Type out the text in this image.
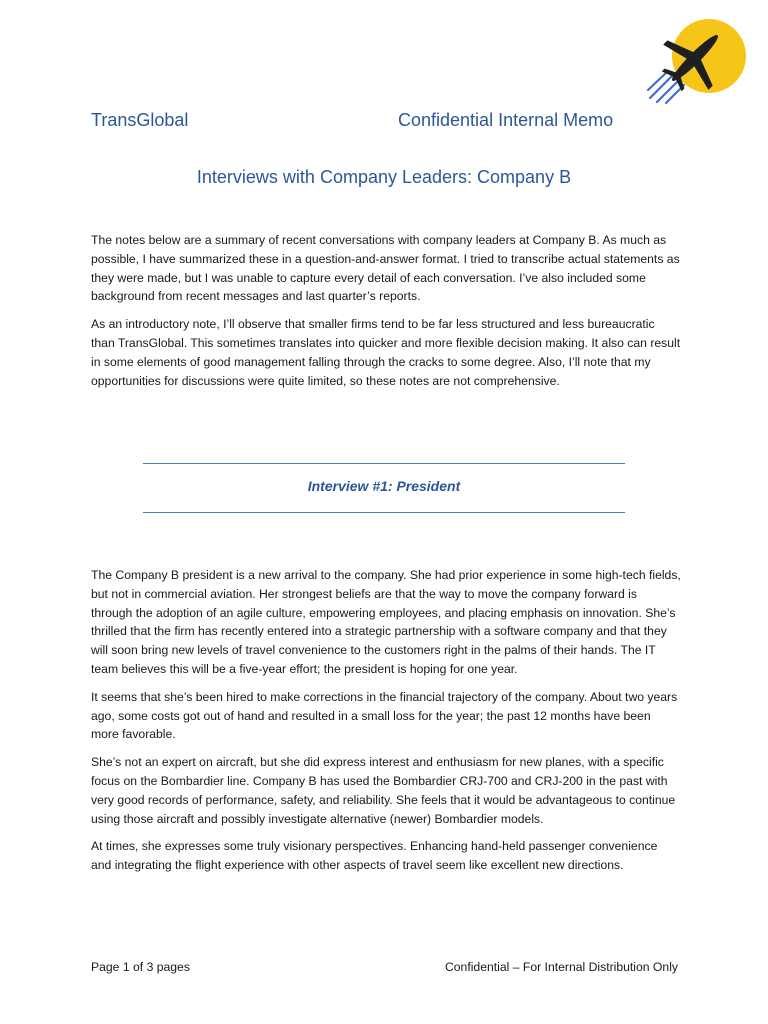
TransGlobal	Confidential Internal Memo
Interviews with Company Leaders: Company B

The notes below are a summary of recent conversations with company leaders at Company B. As much as possible, I have summarized these in a question-and-answer format. I tried to transcribe actual statements as they were made, but I was unable to capture every detail of each conversation. I’ve also included some background from recent messages and last quarter’s reports.

As an introductory note, I’ll observe that smaller firms tend to be far less structured and less bureaucratic than TransGlobal. This sometimes translates into quicker and more flexible decision making. It also can result in some elements of good management falling through the cracks to some degree. Also, I’ll note that my opportunities for discussions were quite limited, so these notes are not comprehensive.

Interview #1: President

The Company B president is a new arrival to the company. She had prior experience in some high-tech fields, but not in commercial aviation. Her strongest beliefs are that the way to move the company forward is through the adoption of an agile culture, empowering employees, and placing emphasis on innovation. She’s thrilled that the firm has recently entered into a strategic partnership with a software company and that they will soon bring new levels of travel convenience to the customers right in the palms of their hands. The IT team believes this will be a five-year effort; the president is hoping for one year.

It seems that she’s been hired to make corrections in the financial trajectory of the company. About two years ago, some costs got out of hand and resulted in a small loss for the year; the past 12 months have been more favorable.

She’s not an expert on aircraft, but she did express interest and enthusiasm for new planes, with a specific focus on the Bombardier line. Company B has used the Bombardier CRJ-700 and CRJ-200 in the past with very good records of performance, safety, and reliability. She feels that it would be advantageous to continue using those aircraft and possibly investigate alternative (newer) Bombardier models.

At times, she expresses some truly visionary perspectives. Enhancing hand-held passenger convenience and integrating the flight experience with other aspects of travel seem like excellent new directions.

Page 1 of 3 pages	Confidential – For Internal Distribution Only
